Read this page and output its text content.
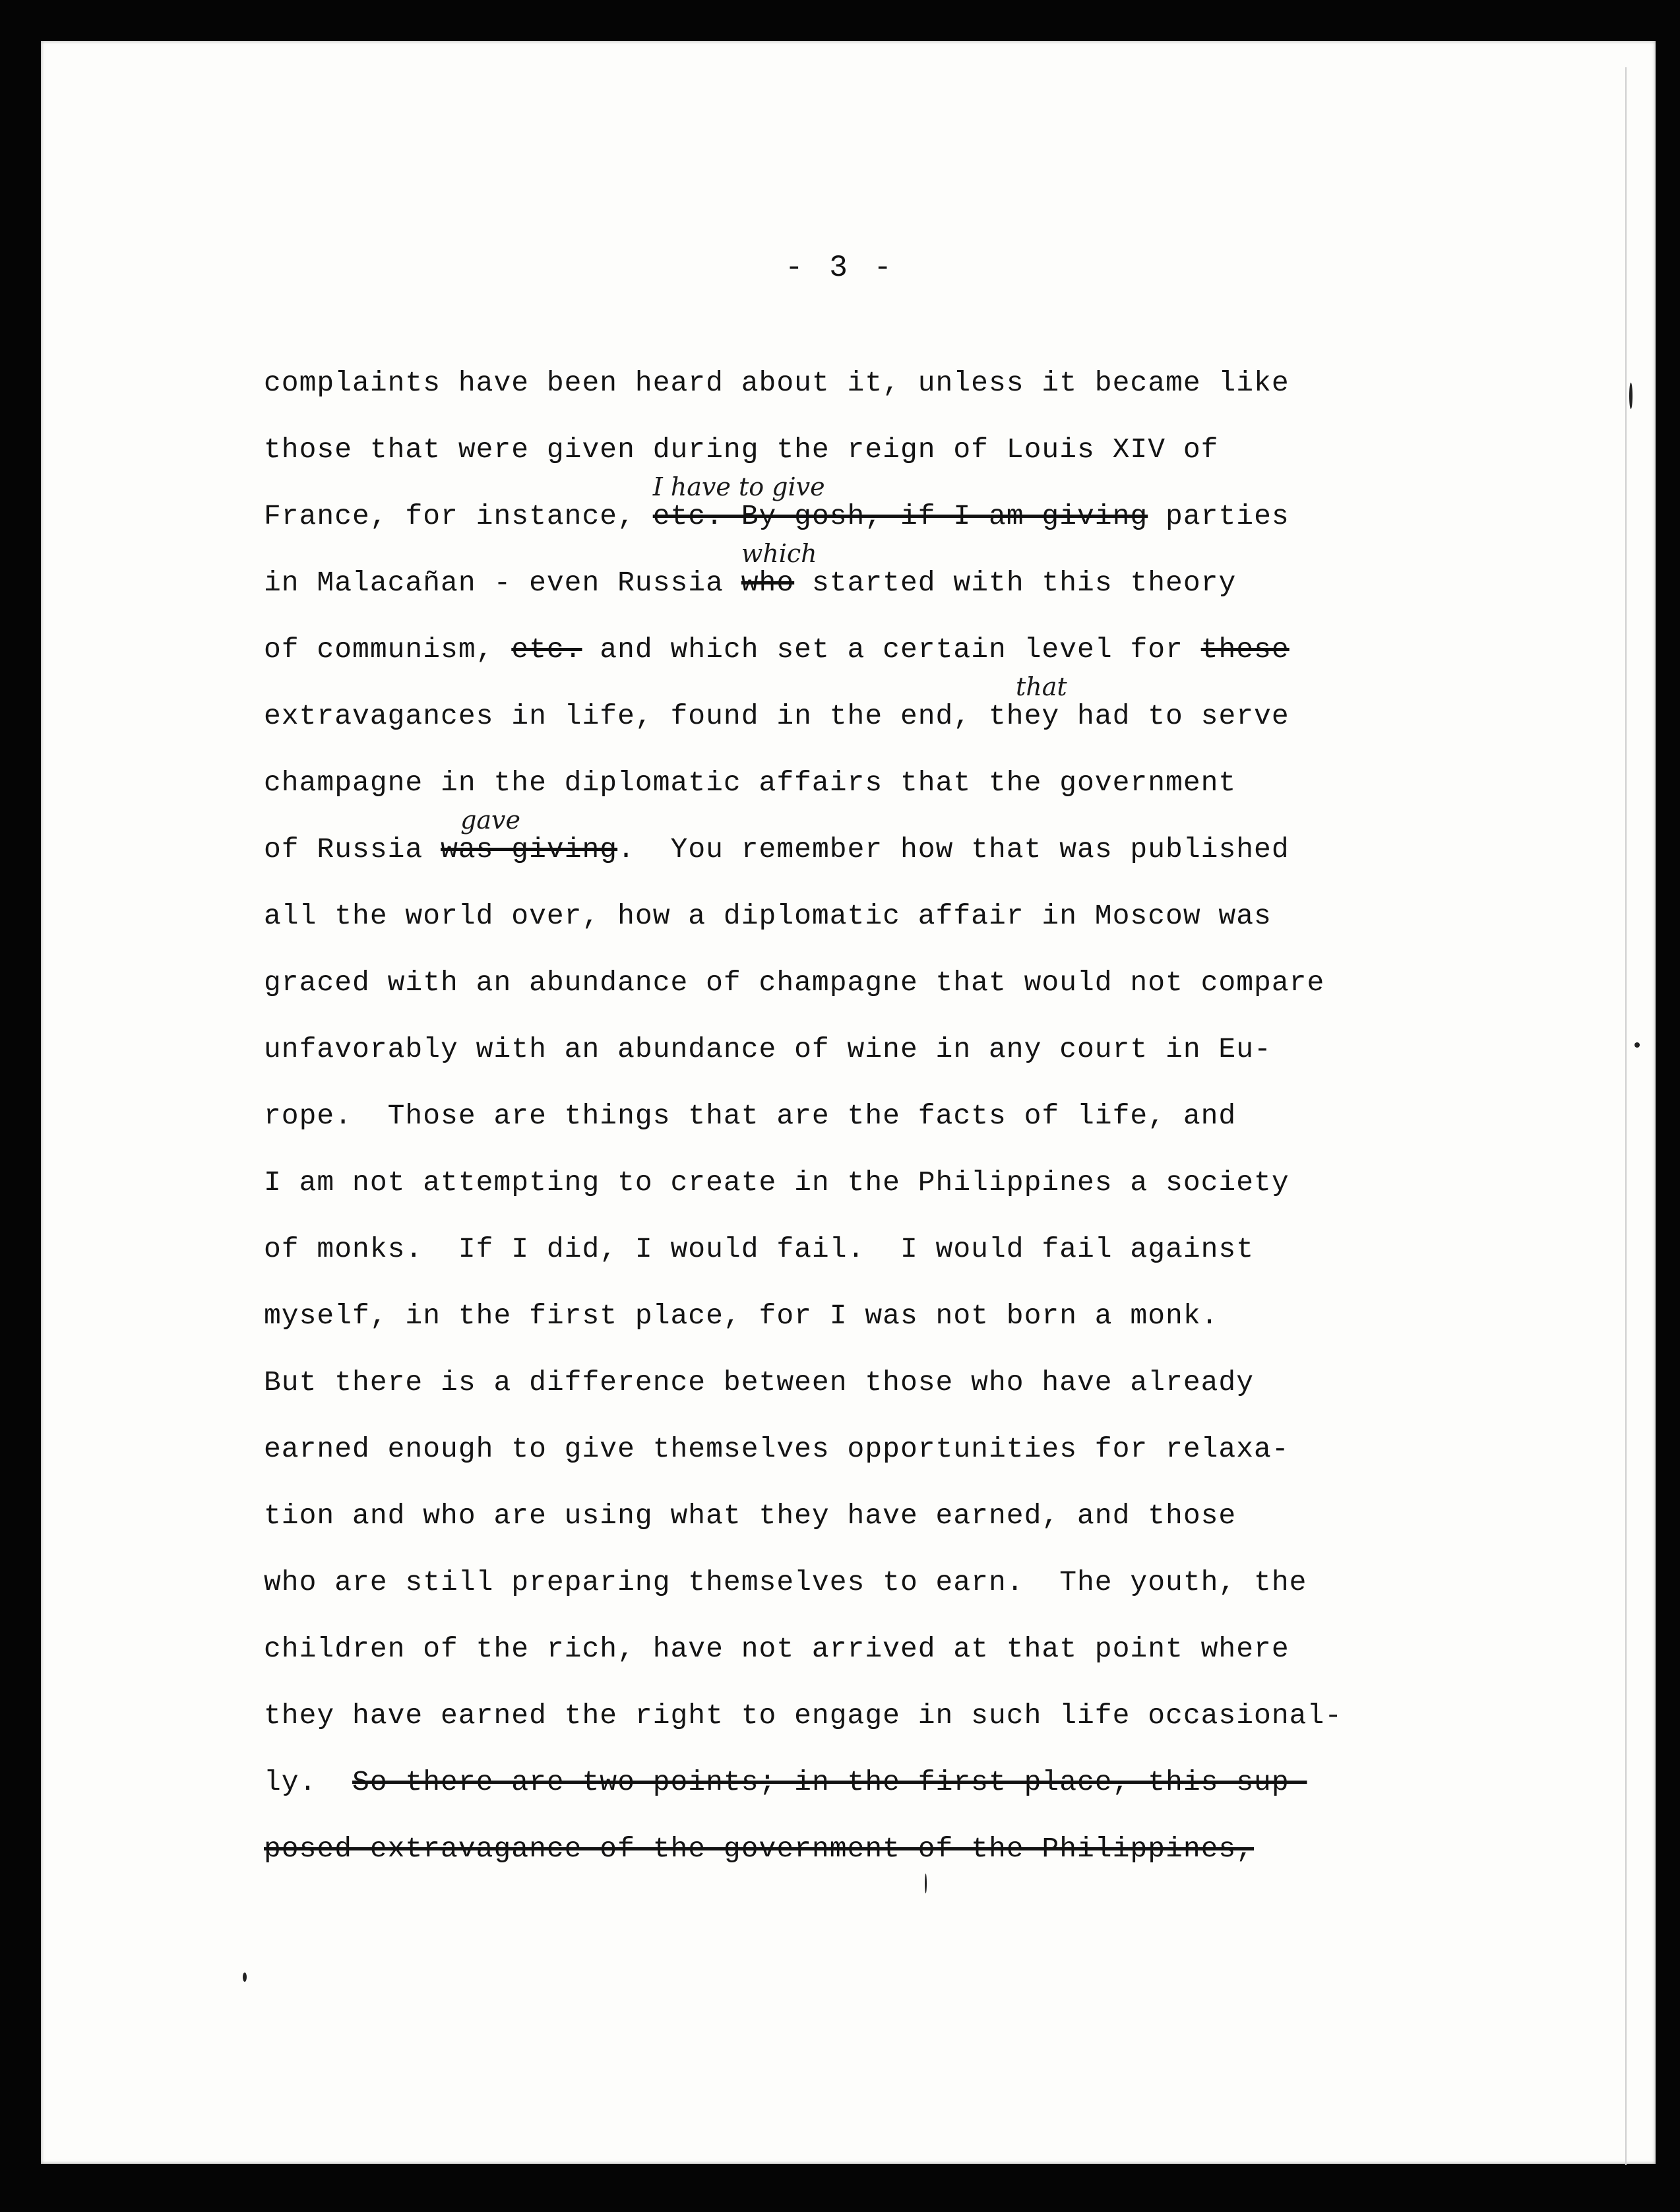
- 3 -
complaints have been heard about it, unless it became like
those that were given during the reign of Louis XIV of
France, for instance,
I have to give
etc. By gosh, if I am giving parties
in Malacañan - even Russia
which
who started with this theory
of communism, etc. and which set a certain level for these
extravagances in life, found in the end,
that
they had to serve
champagne in the diplomatic affairs that the government
of Russia
gave
was giving.  You remember how that was published
all the world over, how a diplomatic affair in Moscow was
graced with an abundance of champagne that would not compare
unfavorably with an abundance of wine in any court in Eu-
rope.  Those are things that are the facts of life, and
I am not attempting to create in the Philippines a society
of monks.  If I did, I would fail.  I would fail against
myself, in the first place, for I was not born a monk.
But there is a difference between those who have already
earned enough to give themselves opportunities for relaxa-
tion and who are using what they have earned, and those
who are still preparing themselves to earn.  The youth, the
children of the rich, have not arrived at that point where
they have earned the right to engage in such life occasional-
ly. So there are two points; in the first place, this sup-
posed extravagance of the government of the Philippines,
